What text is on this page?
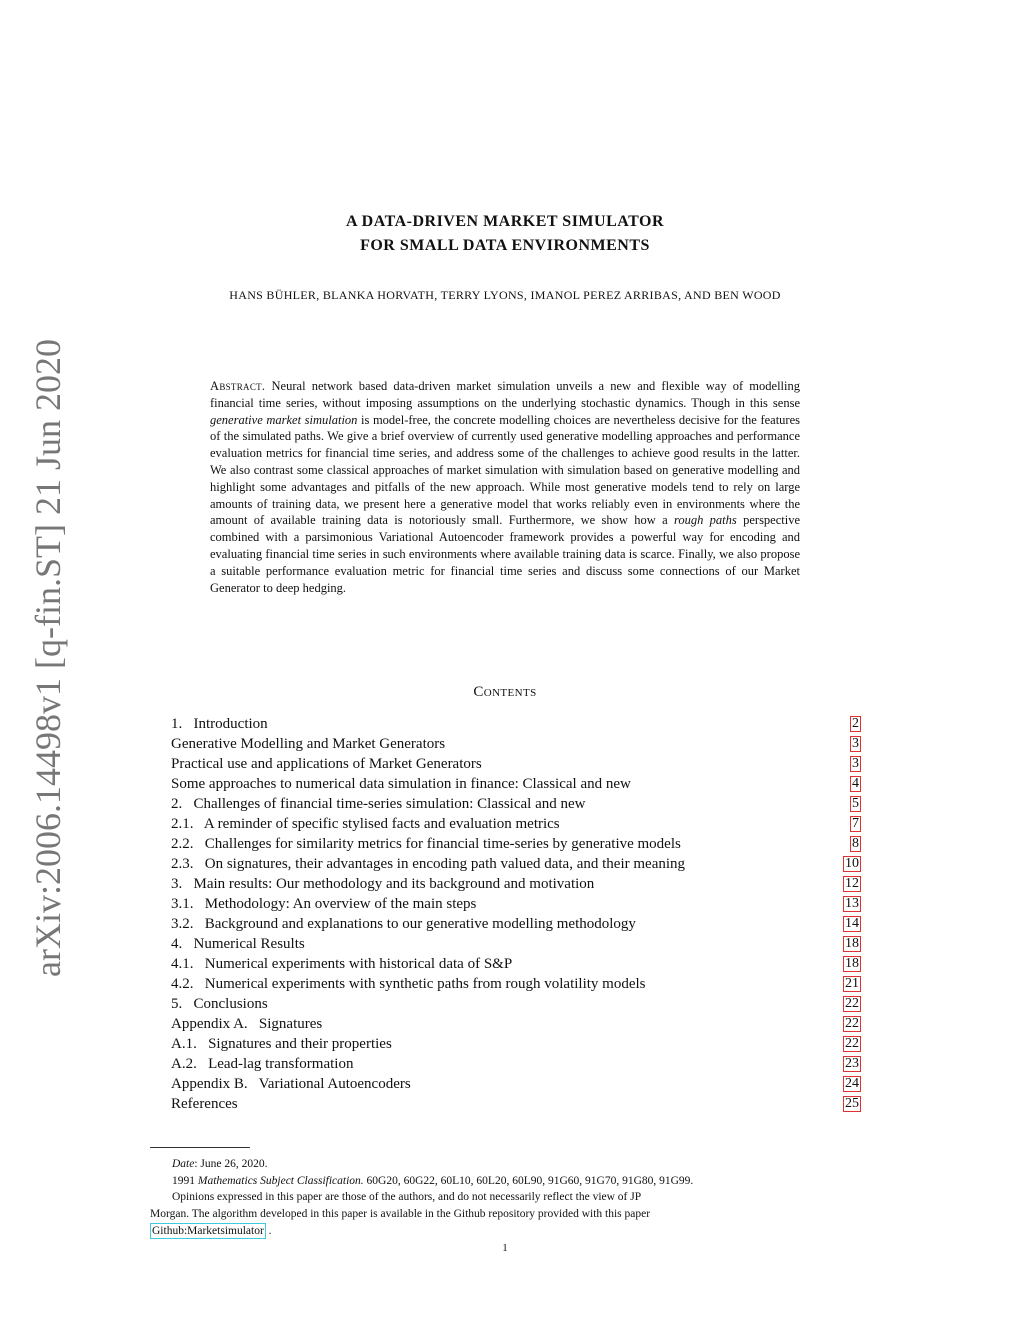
arXiv:2006.14498v1 [q-fin.ST] 21 Jun 2020
A DATA-DRIVEN MARKET SIMULATOR
FOR SMALL DATA ENVIRONMENTS
HANS BÜHLER, BLANKA HORVATH, TERRY LYONS, IMANOL PEREZ ARRIBAS, AND BEN WOOD
Abstract. Neural network based data-driven market simulation unveils a new and flexible way of modelling financial time series, without imposing assumptions on the underlying stochastic dynamics. Though in this sense generative market simulation is model-free, the concrete modelling choices are nevertheless decisive for the features of the simulated paths. We give a brief overview of currently used generative modelling approaches and performance evaluation metrics for financial time series, and address some of the challenges to achieve good results in the latter. We also contrast some classical approaches of market simulation with simulation based on generative modelling and highlight some advantages and pitfalls of the new approach. While most generative models tend to rely on large amounts of training data, we present here a generative model that works reliably even in environments where the amount of available training data is notoriously small. Furthermore, we show how a rough paths perspective combined with a parsimonious Variational Autoencoder framework provides a powerful way for encoding and evaluating financial time series in such environments where available training data is scarce. Finally, we also propose a suitable performance evaluation metric for financial time series and discuss some connections of our Market Generator to deep hedging.
Contents
1.   Introduction	2
Generative Modelling and Market Generators	3
Practical use and applications of Market Generators	3
Some approaches to numerical data simulation in finance: Classical and new	4
2.   Challenges of financial time-series simulation: Classical and new	5
2.1.   A reminder of specific stylised facts and evaluation metrics	7
2.2.   Challenges for similarity metrics for financial time-series by generative models	8
2.3.   On signatures, their advantages in encoding path valued data, and their meaning	10
3.   Main results: Our methodology and its background and motivation	12
3.1.   Methodology: An overview of the main steps	13
3.2.   Background and explanations to our generative modelling methodology	14
4.   Numerical Results	18
4.1.   Numerical experiments with historical data of S&P	18
4.2.   Numerical experiments with synthetic paths from rough volatility models	21
5.   Conclusions	22
Appendix A.   Signatures	22
A.1.   Signatures and their properties	22
A.2.   Lead-lag transformation	23
Appendix B.   Variational Autoencoders	24
References	25
Date: June 26, 2020.
1991 Mathematics Subject Classification. 60G20, 60G22, 60L10, 60L20, 60L90, 91G60, 91G70, 91G80, 91G99.
Opinions expressed in this paper are those of the authors, and do not necessarily reflect the view of JP
Morgan. The algorithm developed in this paper is available in the Github repository provided with this paper
Github:Marketsimulator .
1
